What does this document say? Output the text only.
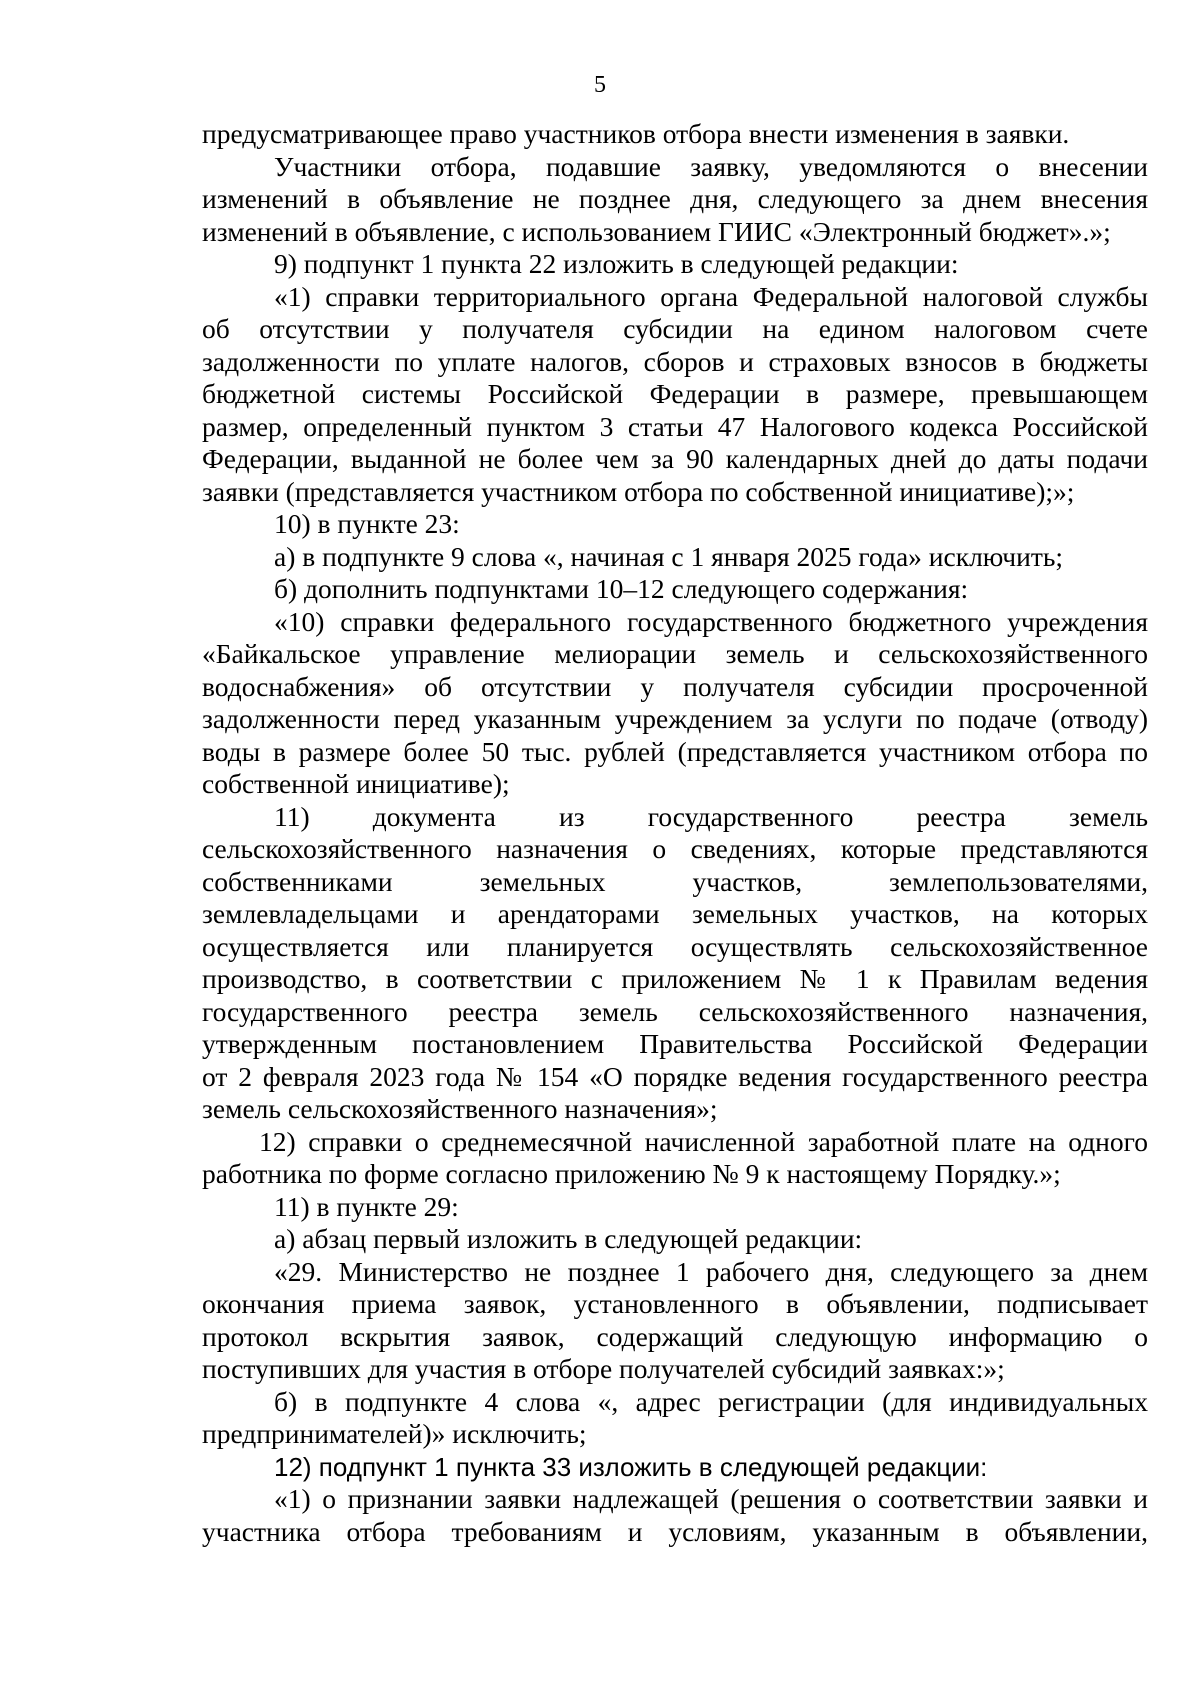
5
предусматривающее право участников отбора внести изменения в заявки.
Участники отбора, подавшие заявку, уведомляются о внесении
изменений в объявление не позднее дня, следующего за днем внесения
изменений в объявление, с использованием ГИИС «Электронный бюджет».»;
9) подпункт 1 пункта 22 изложить в следующей редакции:
«1) справки территориального органа Федеральной налоговой службы
об отсутствии у получателя субсидии на едином налоговом счете
задолженности по уплате налогов, сборов и страховых взносов в бюджеты
бюджетной системы Российской Федерации в размере, превышающем
размер, определенный пунктом 3 статьи 47 Налогового кодекса Российской
Федерации, выданной не более чем за 90 календарных дней до даты подачи
заявки (представляется участником отбора по собственной инициативе);»;
10) в пункте 23:
а) в подпункте 9 слова «, начиная с 1 января 2025 года» исключить;
б) дополнить подпунктами 10–12 следующего содержания:
«10) справки федерального государственного бюджетного учреждения
«Байкальское управление мелиорации земель и сельскохозяйственного
водоснабжения» об отсутствии у получателя субсидии просроченной
задолженности перед указанным учреждением за услуги по подаче (отводу)
воды в размере более 50 тыс. рублей (представляется участником отбора по
собственной инициативе);
11) документа из государственного реестра земель
сельскохозяйственного назначения о сведениях, которые представляются
собственниками земельных участков, землепользователями,
землевладельцами и арендаторами земельных участков, на которых
осуществляется или планируется осуществлять сельскохозяйственное
производство, в соответствии с приложением № 1 к Правилам ведения
государственного реестра земель сельскохозяйственного назначения,
утвержденным постановлением Правительства Российской Федерации
от 2 февраля 2023 года № 154 «О порядке ведения государственного реестра
земель сельскохозяйственного назначения»;
12) справки о среднемесячной начисленной заработной плате на одного
работника по форме согласно приложению № 9 к настоящему Порядку.»;
11) в пункте 29:
а) абзац первый изложить в следующей редакции:
«29. Министерство не позднее 1 рабочего дня, следующего за днем
окончания приема заявок, установленного в объявлении, подписывает
протокол вскрытия заявок, содержащий следующую информацию о
поступивших для участия в отборе получателей субсидий заявках:»;
б) в подпункте 4 слова «, адрес регистрации (для индивидуальных
предпринимателей)» исключить;
12) подпункт 1 пункта 33 изложить в следующей редакции:
«1) о признании заявки надлежащей (решения о соответствии заявки и
участника отбора требованиям и условиям, указанным в объявлении,
